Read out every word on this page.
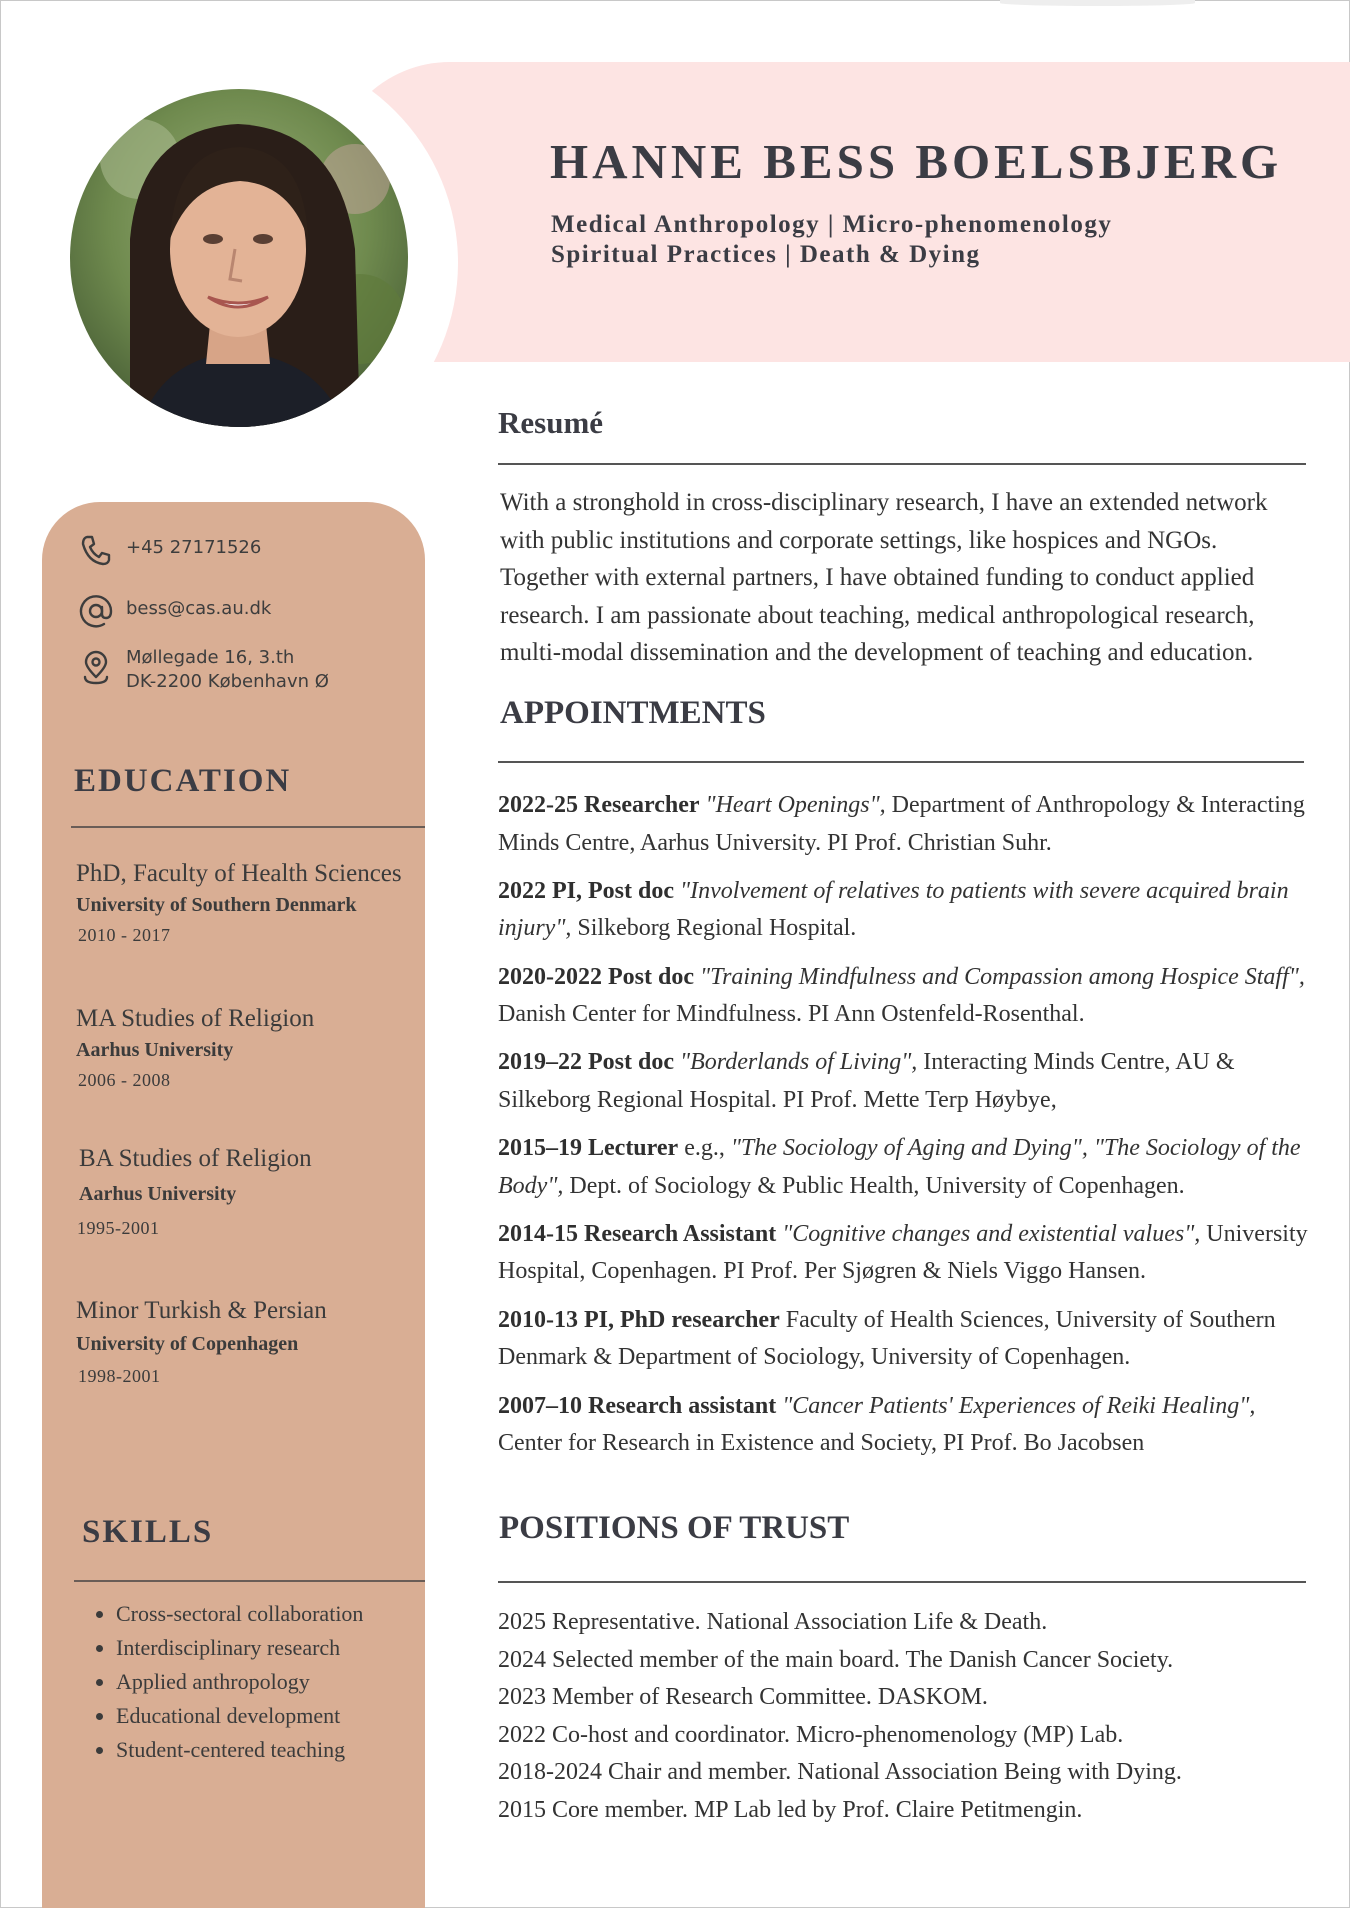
HANNE BESS BOELSBJERG
Medical Anthropology | Micro-phenomenology
Spiritual Practices | Death & Dying
+45 27171526
bess@cas.au.dk
Møllegade 16, 3.th
DK-2200 København Ø
EDUCATION
PhD, Faculty of Health Sciences
University of Southern Denmark
2010 - 2017
MA Studies of Religion
Aarhus University
2006 - 2008
BA Studies of Religion
Aarhus University
1995-2001
Minor Turkish & Persian
University of Copenhagen
1998-2001
SKILLS
• Cross-sectoral collaboration
• Interdisciplinary research
• Applied anthropology
• Educational development
• Student-centered teaching
Resumé
With a stronghold in cross-disciplinary research, I have an extended network with public institutions and corporate settings, like hospices and NGOs. Together with external partners, I have obtained funding to conduct applied research. I am passionate about teaching, medical anthropological research, multi-modal dissemination and the development of teaching and education.
APPOINTMENTS
2022-25 Researcher "Heart Openings", Department of Anthropology & Interacting Minds Centre, Aarhus University. PI Prof. Christian Suhr.
2022 PI, Post doc "Involvement of relatives to patients with severe acquired brain injury", Silkeborg Regional Hospital.
2020-2022 Post doc "Training Mindfulness and Compassion among Hospice Staff", Danish Center for Mindfulness. PI Ann Ostenfeld-Rosenthal.
2019–22 Post doc "Borderlands of Living", Interacting Minds Centre, AU & Silkeborg Regional Hospital. PI Prof. Mette Terp Høybye,
2015–19 Lecturer e.g., "The Sociology of Aging and Dying", "The Sociology of the Body", Dept. of Sociology & Public Health, University of Copenhagen.
2014-15 Research Assistant "Cognitive changes and existential values", University Hospital, Copenhagen. PI Prof. Per Sjøgren & Niels Viggo Hansen.
2010-13 PI, PhD researcher Faculty of Health Sciences, University of Southern Denmark & Department of Sociology, University of Copenhagen.
2007–10 Research assistant "Cancer Patients' Experiences of Reiki Healing", Center for Research in Existence and Society, PI Prof. Bo Jacobsen
POSITIONS OF TRUST
2025 Representative. National Association Life & Death.
2024 Selected member of the main board. The Danish Cancer Society.
2023 Member of Research Committee. DASKOM.
2022 Co-host and coordinator. Micro-phenomenology (MP) Lab.
2018-2024 Chair and member. National Association Being with Dying.
2015 Core member. MP Lab led by Prof. Claire Petitmengin.
